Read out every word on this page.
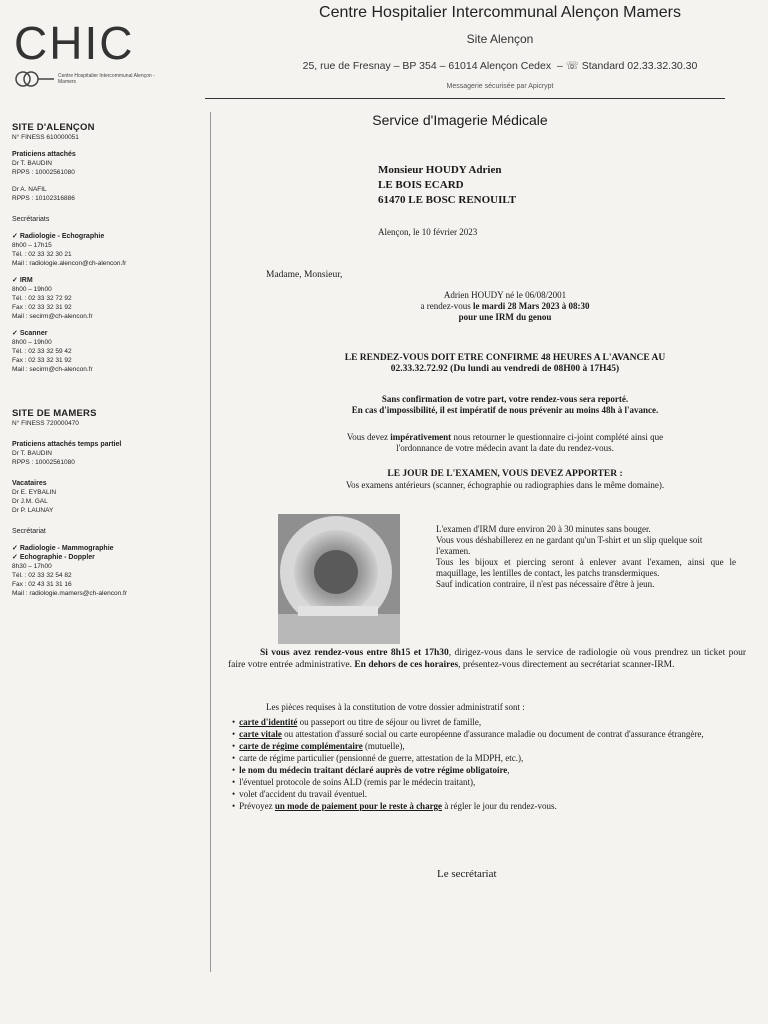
CHIC
Centre Hospitalier Intercommunal Alençon - Mamers
Centre Hospitalier Intercommunal Alençon Mamers
Site Alençon
25, rue de Fresnay – BP 354 – 61014 Alençon Cedex  – ☏ Standard 02.33.32.30.30
Messagerie sécurisée par Apicrypt
SITE D'ALENÇON
N° FINESS 610000051
Praticiens attachés
Dr T. BAUDIN
RPPS : 10002561080
Dr A. NAFIL
RPPS : 10102316886
Secrétariats
✓ Radiologie - Echographie
8h00 – 17h15
Tél. : 02 33 32 30 21
Mail : radiologie.alencon@ch-alencon.fr
✓ IRM
8h00 – 19h00
Tél. : 02 33 32 72 92
Fax : 02 33 32 31 92
Mail : secirm@ch-alencon.fr
✓ Scanner
8h00 – 19h00
Tél. : 02 33 32 59 42
Fax : 02 33 32 31 92
Mail : secirm@ch-alencon.fr
SITE DE MAMERS
N° FINESS 720000470
Praticiens attachés temps partiel
Dr T. BAUDIN
RPPS : 10002561080
Vacataires
Dr E. EYBALIN
Dr J.M. GAL
Dr P. LAUNAY
Secrétariat
✓ Radiologie - Mammographie
✓ Echographie - Doppler
8h30 – 17h00
Tél. : 02 33 32 54 82
Fax : 02 43 31 31 16
Mail : radiologie.mamers@ch-alencon.fr
Service d'Imagerie Médicale
Monsieur HOUDY Adrien
LE BOIS ECARD
61470 LE BOSC RENOUILT
Alençon, le 10 février 2023
Madame, Monsieur,
Adrien HOUDY né le 06/08/2001
a rendez-vous le mardi 28 Mars 2023 à 08:30
pour une IRM du genou
LE RENDEZ-VOUS DOIT ETRE CONFIRME 48 HEURES A L'AVANCE AU
02.33.32.72.92 (Du lundi au vendredi de 08H00 à 17H45)
Sans confirmation de votre part, votre rendez-vous sera reporté.
En cas d'impossibilité, il est impératif de nous prévenir au moins 48h à l'avance.
Vous devez impérativement nous retourner le questionnaire ci-joint complété ainsi que
l'ordonnance de votre médecin avant la date du rendez-vous.
LE JOUR DE L'EXAMEN, VOUS DEVEZ APPORTER :
Vos examens antérieurs (scanner, échographie ou radiographies dans le même domaine).
L'examen d'IRM dure environ 20 à 30 minutes sans bouger.
Vous vous déshabillerez en ne gardant qu'un T-shirt et un slip quelque soit l'examen.
Tous les bijoux et piercing seront à enlever avant l'examen, ainsi que le maquillage, les lentilles de contact, les patchs transdermiques.
Sauf indication contraire, il n'est pas nécessaire d'être à jeun.
Si vous avez rendez-vous entre 8h15 et 17h30, dirigez-vous dans le service de radiologie où vous prendrez un ticket pour faire votre entrée administrative. En dehors de ces horaires, présentez-vous directement au secrétariat scanner-IRM.
Les pièces requises à la constitution de votre dossier administratif sont :
• carte d'identité ou passeport ou titre de séjour ou livret de famille,
• carte vitale ou attestation d'assuré social ou carte européenne d'assurance maladie ou document de contrat d'assurance étrangère,
• carte de régime complémentaire (mutuelle),
• carte de régime particulier (pensionné de guerre, attestation de la MDPH, etc.),
• le nom du médecin traitant déclaré auprès de votre régime obligatoire,
• l'éventuel protocole de soins ALD (remis par le médecin traitant),
• volet d'accident du travail éventuel.
• Prévoyez un mode de paiement pour le reste à charge à régler le jour du rendez-vous.
Le secrétariat
